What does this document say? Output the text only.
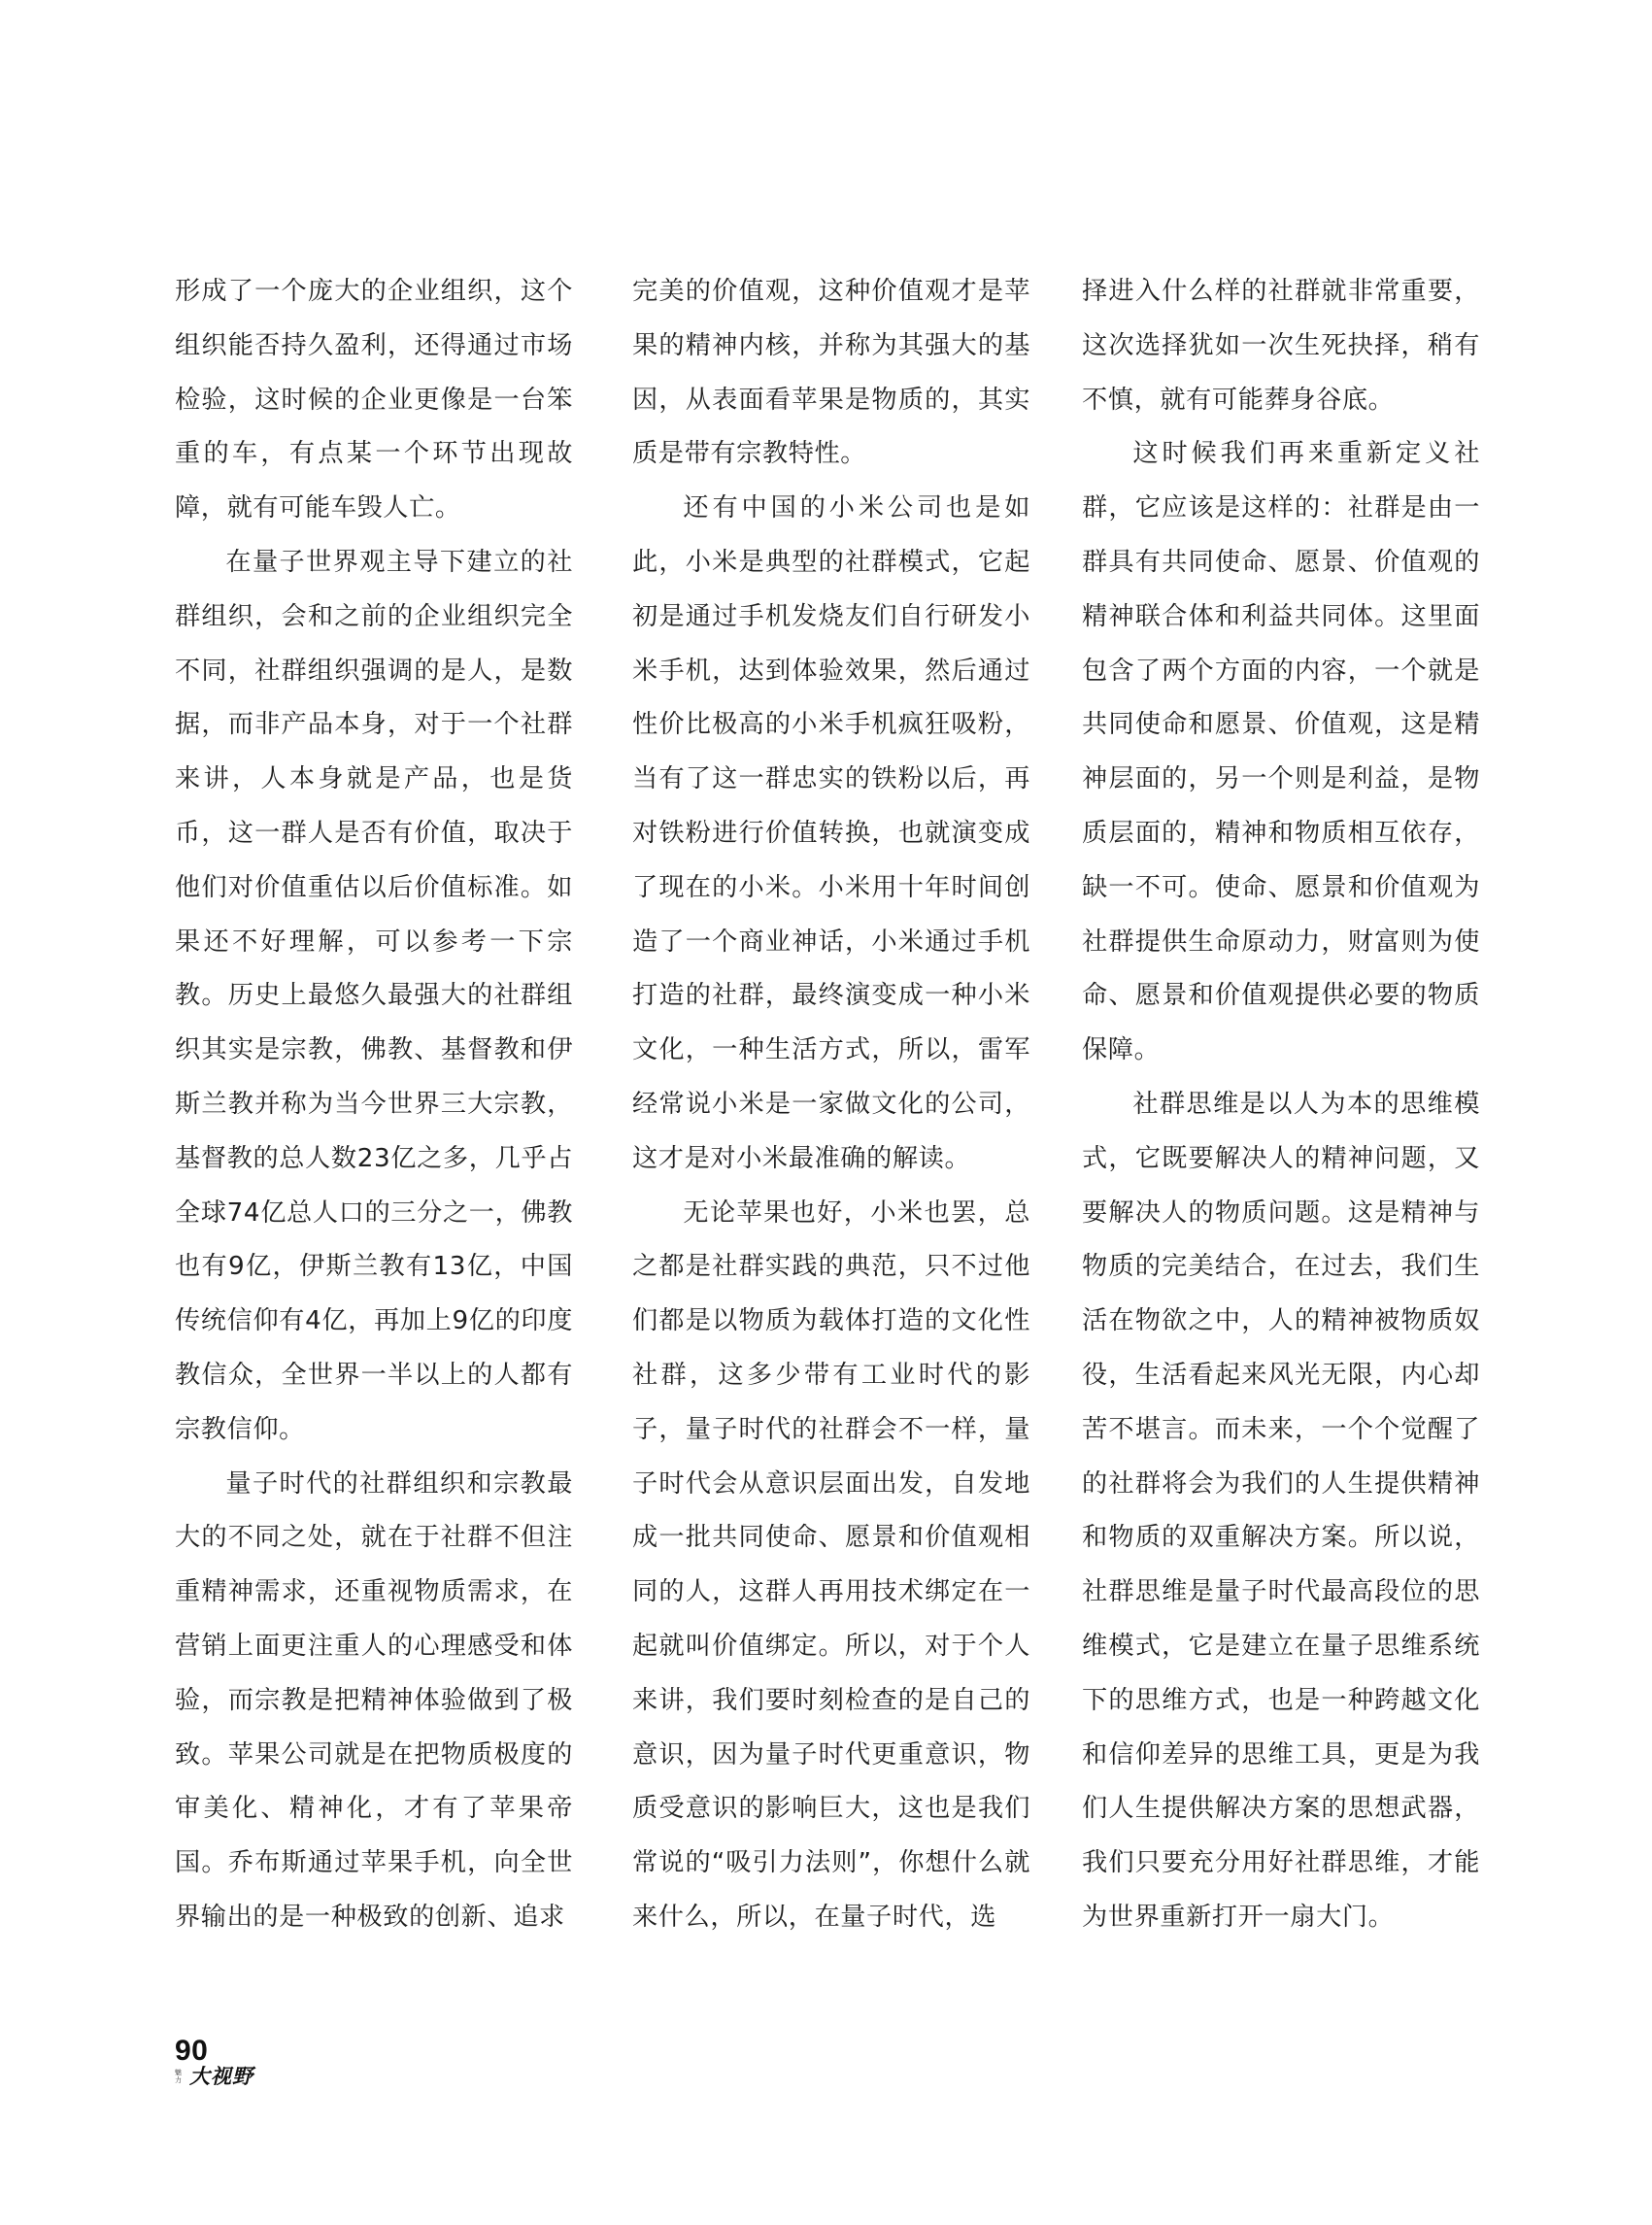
形成了一个庞大的企业组织，这个组织能否持久盈利，还得通过市场检验，这时候的企业更像是一台笨重的车，有点某一个环节出现故障，就有可能车毁人亡。

在量子世界观主导下建立的社群组织，会和之前的企业组织完全不同，社群组织强调的是人，是数据，而非产品本身，对于一个社群来讲，人本身就是产品，也是货币，这一群人是否有价值，取决于他们对价值重估以后价值标准。如果还不好理解，可以参考一下宗教。历史上最悠久最强大的社群组织其实是宗教，佛教、基督教和伊斯兰教并称为当今世界三大宗教，基督教的总人数23亿之多，几乎占全球74亿总人口的三分之一，佛教也有9亿，伊斯兰教有13亿，中国传统信仰有4亿，再加上9亿的印度教信众，全世界一半以上的人都有宗教信仰。

量子时代的社群组织和宗教最大的不同之处，就在于社群不但注重精神需求，还重视物质需求，在营销上面更注重人的心理感受和体验，而宗教是把精神体验做到了极致。苹果公司就是在把物质极度的审美化、精神化，才有了苹果帝国。乔布斯通过苹果手机，向全世界输出的是一种极致的创新、追求

完美的价值观，这种价值观才是苹果的精神内核，并称为其强大的基因，从表面看苹果是物质的，其实质是带有宗教特性。

还有中国的小米公司也是如此，小米是典型的社群模式，它起初是通过手机发烧友们自行研发小米手机，达到体验效果，然后通过性价比极高的小米手机疯狂吸粉，当有了这一群忠实的铁粉以后，再对铁粉进行价值转换，也就演变成了现在的小米。小米用十年时间创造了一个商业神话，小米通过手机打造的社群，最终演变成一种小米文化，一种生活方式，所以，雷军经常说小米是一家做文化的公司，这才是对小米最准确的解读。

无论苹果也好，小米也罢，总之都是社群实践的典范，只不过他们都是以物质为载体打造的文化性社群，这多少带有工业时代的影子，量子时代的社群会不一样，量子时代会从意识层面出发，自发地成一批共同使命、愿景和价值观相同的人，这群人再用技术绑定在一起就叫价值绑定。所以，对于个人来讲，我们要时刻检查的是自己的意识，因为量子时代更重意识，物质受意识的影响巨大，这也是我们常说的“吸引力法则”，你想什么就来什么，所以，在量子时代，选

择进入什么样的社群就非常重要，这次选择犹如一次生死抉择，稍有不慎，就有可能葬身谷底。

这时候我们再来重新定义社群，它应该是这样的：社群是由一群具有共同使命、愿景、价值观的精神联合体和利益共同体。这里面包含了两个方面的内容，一个就是共同使命和愿景、价值观，这是精神层面的，另一个则是利益，是物质层面的，精神和物质相互依存，缺一不可。使命、愿景和价值观为社群提供生命原动力，财富则为使命、愿景和价值观提供必要的物质保障。

社群思维是以人为本的思维模式，它既要解决人的精神问题，又要解决人的物质问题。这是精神与物质的完美结合，在过去，我们生活在物欲之中，人的精神被物质奴役，生活看起来风光无限，内心却苦不堪言。而未来，一个个觉醒了的社群将会为我们的人生提供精神和物质的双重解决方案。所以说，社群思维是量子时代最高段位的思维模式，它是建立在量子思维系统下的思维方式，也是一种跨越文化和信仰差异的思维工具，更是为我们人生提供解决方案的思想武器，我们只要充分用好社群思维，才能为世界重新打开一扇大门。

90
魅力 大视野
